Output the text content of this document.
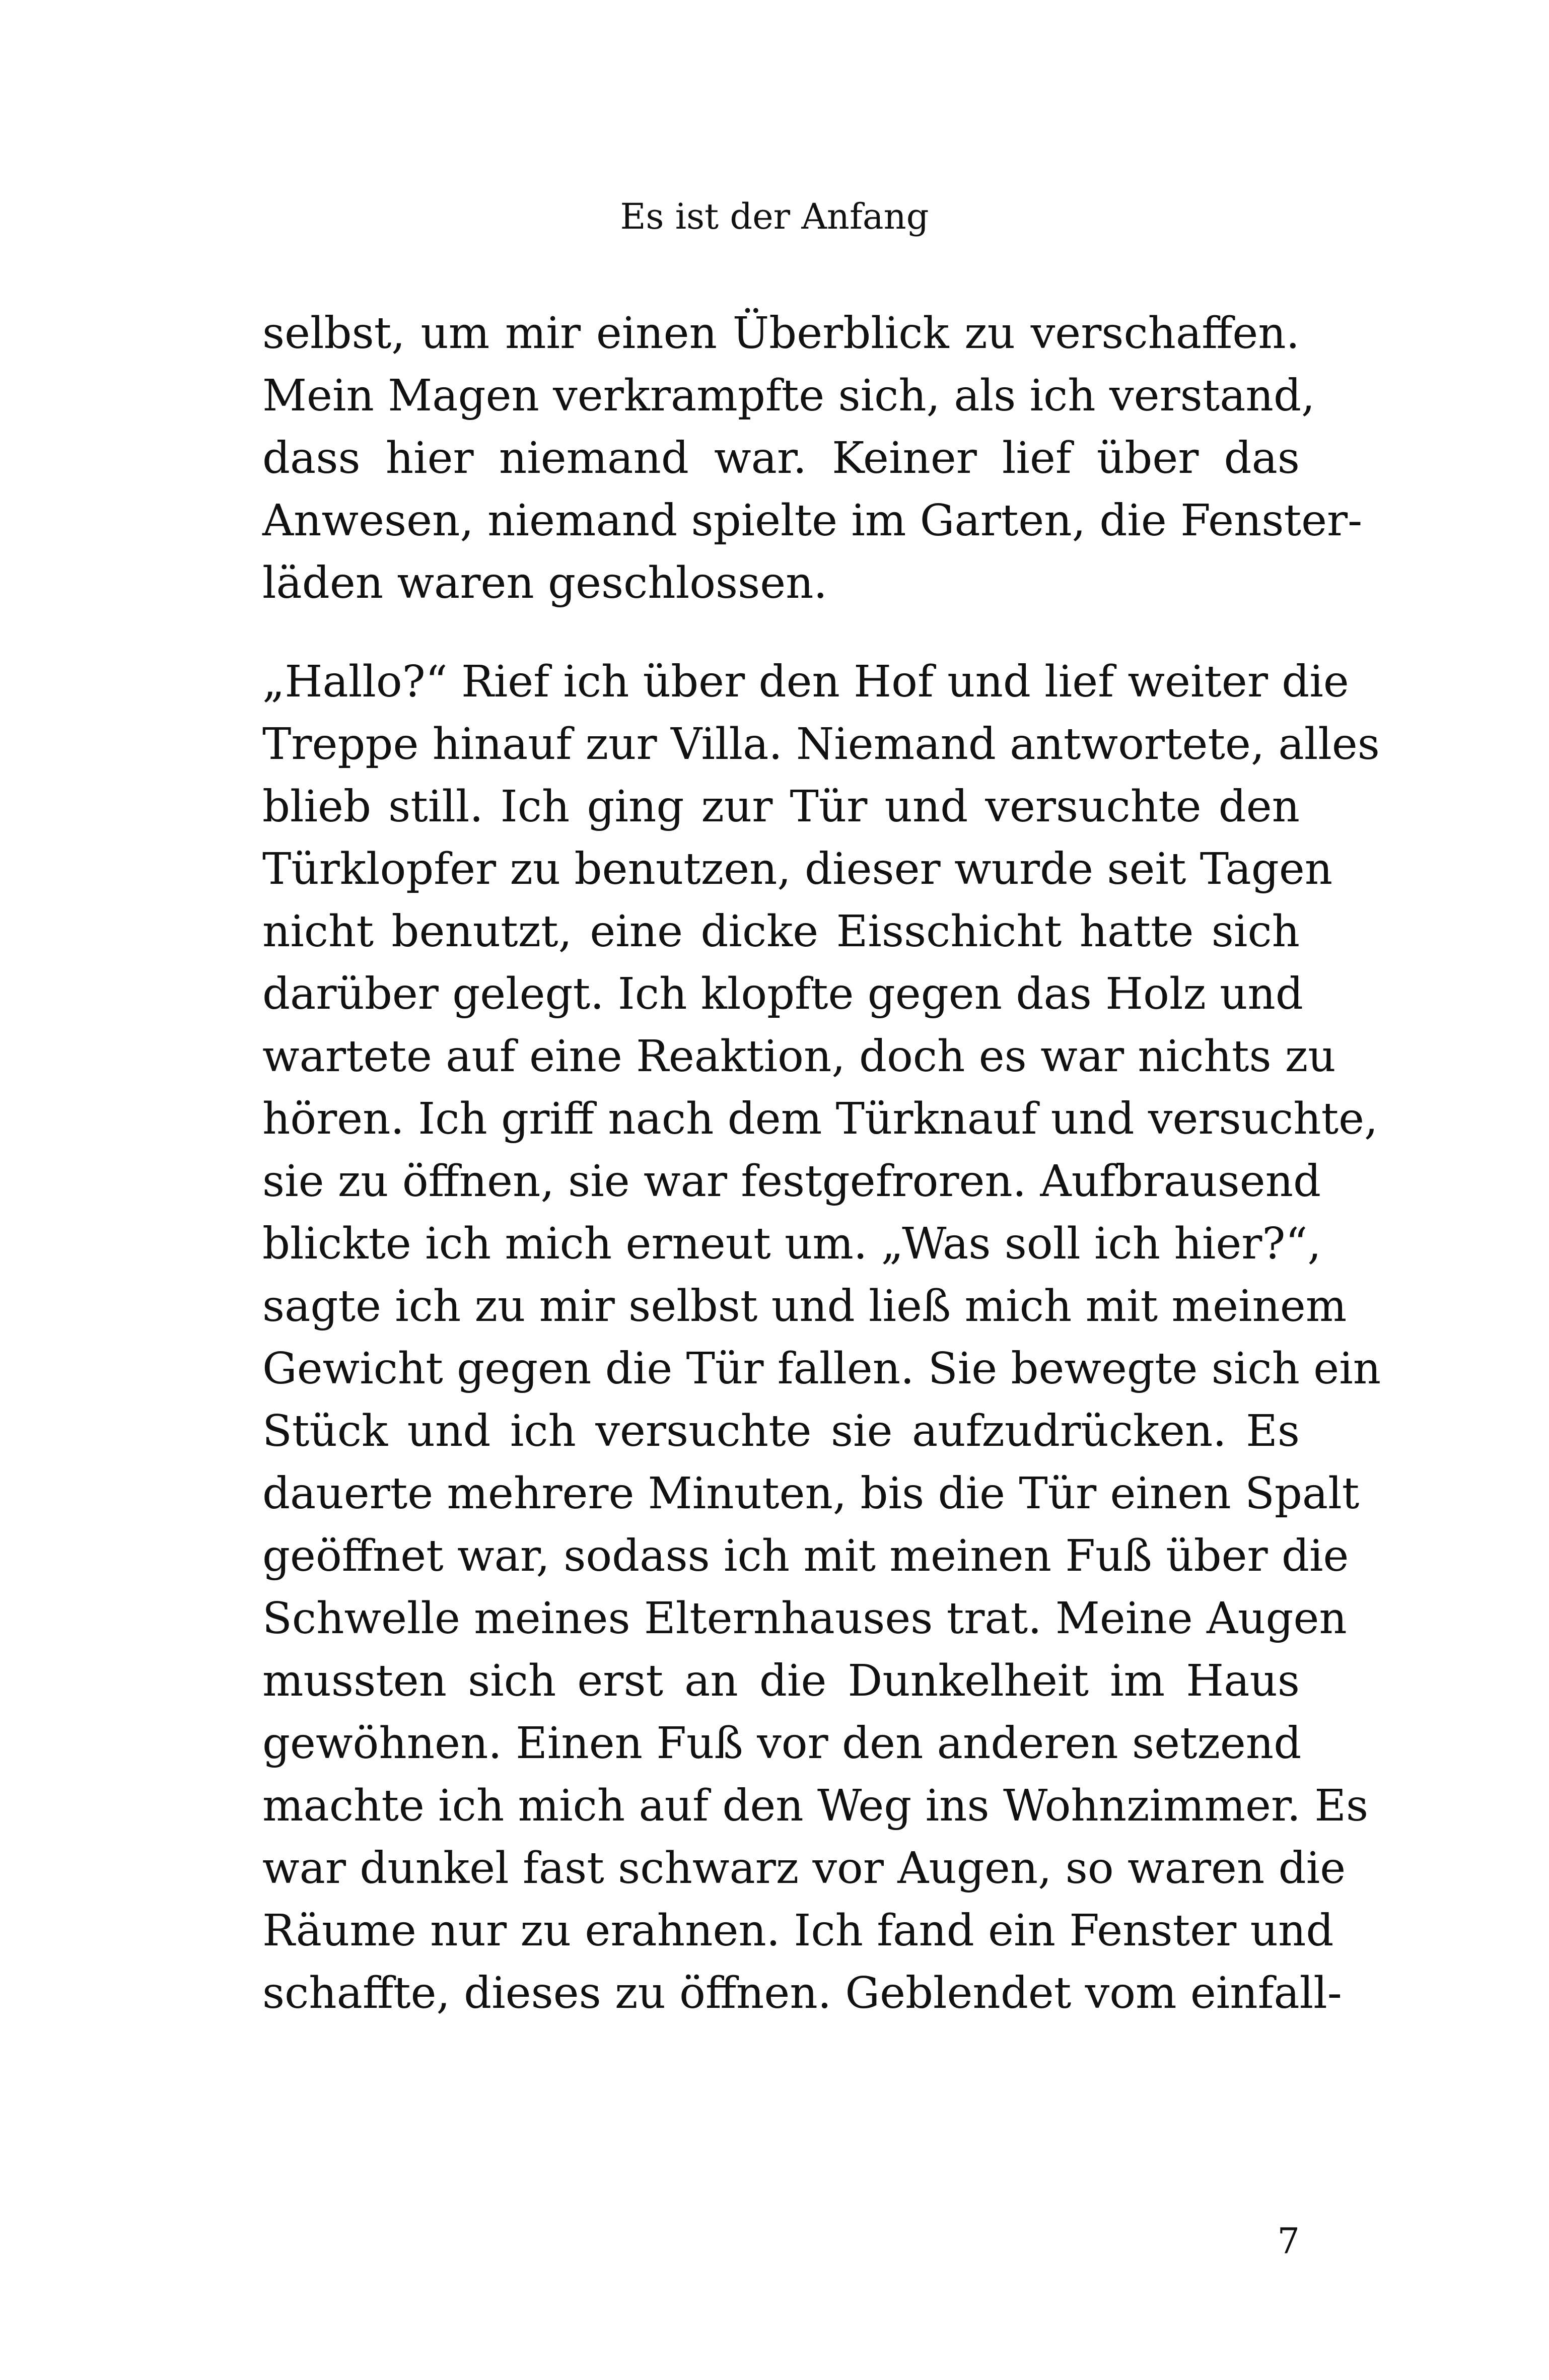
Es ist der Anfang
selbst, um mir einen Überblick zu verschaffen.
Mein Magen verkrampfte sich, als ich verstand,
dass hier niemand war. Keiner lief über das
Anwesen, niemand spielte im Garten, die Fenster-
läden waren geschlossen.
„Hallo?“ Rief ich über den Hof und lief weiter die
Treppe hinauf zur Villa. Niemand antwortete, alles
blieb still. Ich ging zur Tür und versuchte den
Türklopfer zu benutzen, dieser wurde seit Tagen
nicht benutzt, eine dicke Eisschicht hatte sich
darüber gelegt. Ich klopfte gegen das Holz und
wartete auf eine Reaktion, doch es war nichts zu
hören. Ich griff nach dem Türknauf und versuchte,
sie zu öffnen, sie war festgefroren. Aufbrausend
blickte ich mich erneut um. „Was soll ich hier?“,
sagte ich zu mir selbst und ließ mich mit meinem
Gewicht gegen die Tür fallen. Sie bewegte sich ein
Stück und ich versuchte sie aufzudrücken. Es
dauerte mehrere Minuten, bis die Tür einen Spalt
geöffnet war, sodass ich mit meinen Fuß über die
Schwelle meines Elternhauses trat. Meine Augen
mussten sich erst an die Dunkelheit im Haus
gewöhnen. Einen Fuß vor den anderen setzend
machte ich mich auf den Weg ins Wohnzimmer. Es
war dunkel fast schwarz vor Augen, so waren die
Räume nur zu erahnen. Ich fand ein Fenster und
schaffte, dieses zu öffnen. Geblendet vom einfall-
7
